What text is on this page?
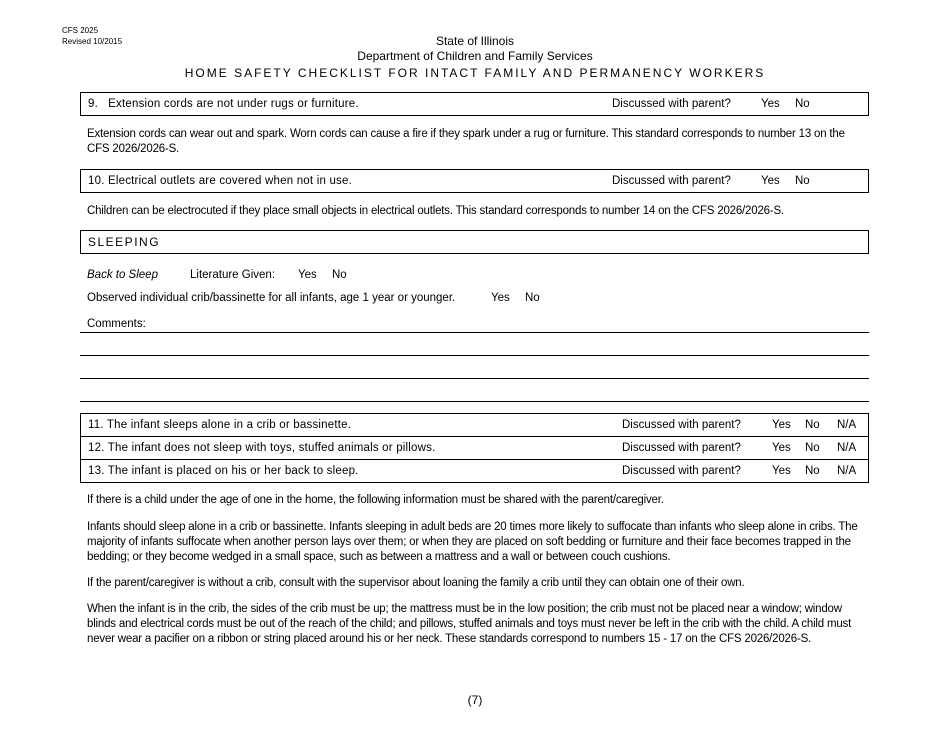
CFS 2025
Revised 10/2015	State of Illinois
Department of Children and Family Services
HOME SAFETY CHECKLIST FOR INTACT FAMILY AND PERMANENCY WORKERS
9.   Extension cords are not under rugs or furniture.	Discussed with parent?	Yes No
Extension cords can wear out and spark. Worn cords can cause a fire if they spark under a rug or furniture. This standard corresponds to number 13 on the CFS 2026/2026-S.
10. Electrical outlets are covered when not in use.	Discussed with parent?	Yes No
Children can be electrocuted if they place small objects in electrical outlets. This standard corresponds to number 14 on the CFS 2026/2026-S.
SLEEPING
Back to Sleep	Literature Given: Yes No
Observed individual crib/bassinette for all infants, age 1 year or younger.	Yes No
Comments:
11. The infant sleeps alone in a crib or bassinette.	Discussed with parent?	Yes No N/A
12. The infant does not sleep with toys, stuffed animals or pillows.	Discussed with parent?	Yes No N/A
13. The infant is placed on his or her back to sleep.	Discussed with parent?	Yes No N/A
If there is a child under the age of one in the home, the following information must be shared with the parent/caregiver.
Infants should sleep alone in a crib or bassinette. Infants sleeping in adult beds are 20 times more likely to suffocate than infants who sleep alone in cribs. The majority of infants suffocate when another person lays over them; or when they are placed on soft bedding or furniture and their face becomes trapped in the bedding; or they become wedged in a small space, such as between a mattress and a wall or between couch cushions.
If the parent/caregiver is without a crib, consult with the supervisor about loaning the family a crib until they can obtain one of their own.
When the infant is in the crib, the sides of the crib must be up; the mattress must be in the low position; the crib must not be placed near a window; window blinds and electrical cords must be out of the reach of the child; and pillows, stuffed animals and toys must never be left in the crib with the child. A child must never wear a pacifier on a ribbon or string placed around his or her neck. These standards correspond to numbers 15 - 17 on the CFS 2026/2026-S.
(7)
